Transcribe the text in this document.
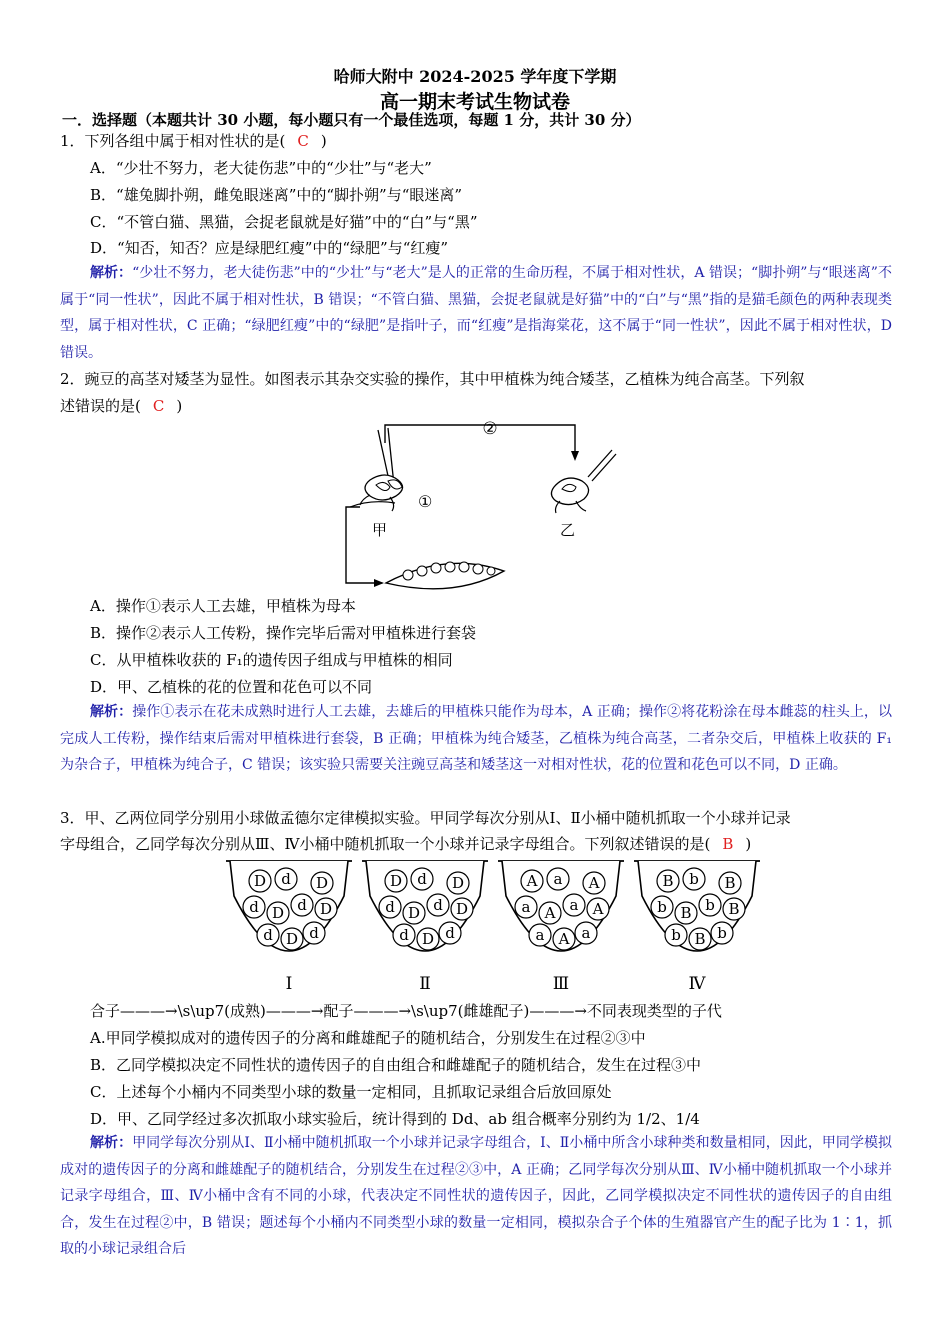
哈师大附中 2024-2025 学年度下学期
高一期末考试生物试卷
一．选择题（本题共计 30 小题，每小题只有一个最佳选项，每题 1 分，共计 30 分）
1．下列各组中属于相对性状的是( C )
A．“少壮不努力，老大徒伤悲”中的“少壮”与“老大”
B．“雄兔脚扑朔，雌兔眼迷离”中的“脚扑朔”与“眼迷离”
C．“不管白猫、黑猫，会捉老鼠就是好猫”中的“白”与“黑”
D．“知否，知否？应是绿肥红瘦”中的“绿肥”与“红瘦”
解析：“少壮不努力，老大徒伤悲”中的“少壮”与“老大”是人的正常的生命历程，不属于相对性状，A 错误；“脚扑朔”与“眼迷离”不属于“同一性状”，因此不属于相对性状，B 错误；“不管白猫、黑猫，会捉老鼠就是好猫”中的“白”与“黑”指的是猫毛颜色的两种表现类型，属于相对性状，C 正确；“绿肥红瘦”中的“绿肥”是指叶子，而“红瘦”是指海棠花，这不属于“同一性状”，因此不属于相对性状，D 错误。
2．豌豆的高茎对矮茎为显性。如图表示其杂交实验的操作，其中甲植株为纯合矮茎，乙植株为纯合高茎。下列叙
述错误的是( C )
②
①
甲	乙
A．操作①表示人工去雄，甲植株为母本
B．操作②表示人工传粉，操作完毕后需对甲植株进行套袋
C．从甲植株收获的 F₁的遗传因子组成与甲植株的相同
D．甲、乙植株的花的位置和花色可以不同
解析：操作①表示在花未成熟时进行人工去雄，去雄后的甲植株只能作为母本，A 正确；操作②将花粉涂在母本雌蕊的柱头上，以完成人工传粉，操作结束后需对甲植株进行套袋，B 正确；甲植株为纯合矮茎，乙植株为纯合高茎，二者杂交后，甲植株上收获的 F₁为杂合子，甲植株为纯合子，C 错误；该实验只需要关注豌豆高茎和矮茎这一对相对性状，花的位置和花色可以不同，D 正确。
3．甲、乙两位同学分别用小球做孟德尔定律模拟实验。甲同学每次分别从Ⅰ、Ⅱ小桶中随机抓取一个小球并记录
字母组合，乙同学每次分别从Ⅲ、Ⅳ小桶中随机抓取一个小球并记录字母组合。下列叙述错误的是( B )
D d D
d D d D
d D d
Ⅰ
D d D
d D d D
d D d
Ⅱ
A a A
a A a A
a A a
Ⅲ
B b B
b B b B
b B b
Ⅳ
合子———→\s\up7(成熟)———→配子———→\s\up7(雌雄配子)———→不同表现类型的子代
A.甲同学模拟成对的遗传因子的分离和雌雄配子的随机结合，分别发生在过程②③中
B．乙同学模拟决定不同性状的遗传因子的自由组合和雌雄配子的随机结合，发生在过程③中
C．上述每个小桶内不同类型小球的数量一定相同，且抓取记录组合后放回原处
D．甲、乙同学经过多次抓取小球实验后，统计得到的 Dd、ab 组合概率分别约为 1/2、1/4
解析：甲同学每次分别从Ⅰ、Ⅱ小桶中随机抓取一个小球并记录字母组合，Ⅰ、Ⅱ小桶中所含小球种类和数量相同，因此，甲同学模拟成对的遗传因子的分离和雌雄配子的随机结合，分别发生在过程②③中，A 正确；乙同学每次分别从Ⅲ、Ⅳ小桶中随机抓取一个小球并记录字母组合，Ⅲ、Ⅳ小桶中含有不同的小球，代表决定不同性状的遗传因子，因此，乙同学模拟决定不同性状的遗传因子的自由组合，发生在过程②中，B 错误；题述每个小桶内不同类型小球的数量一定相同，模拟杂合子个体的生殖器官产生的配子比为 1∶1，抓取的小球记录组合后
